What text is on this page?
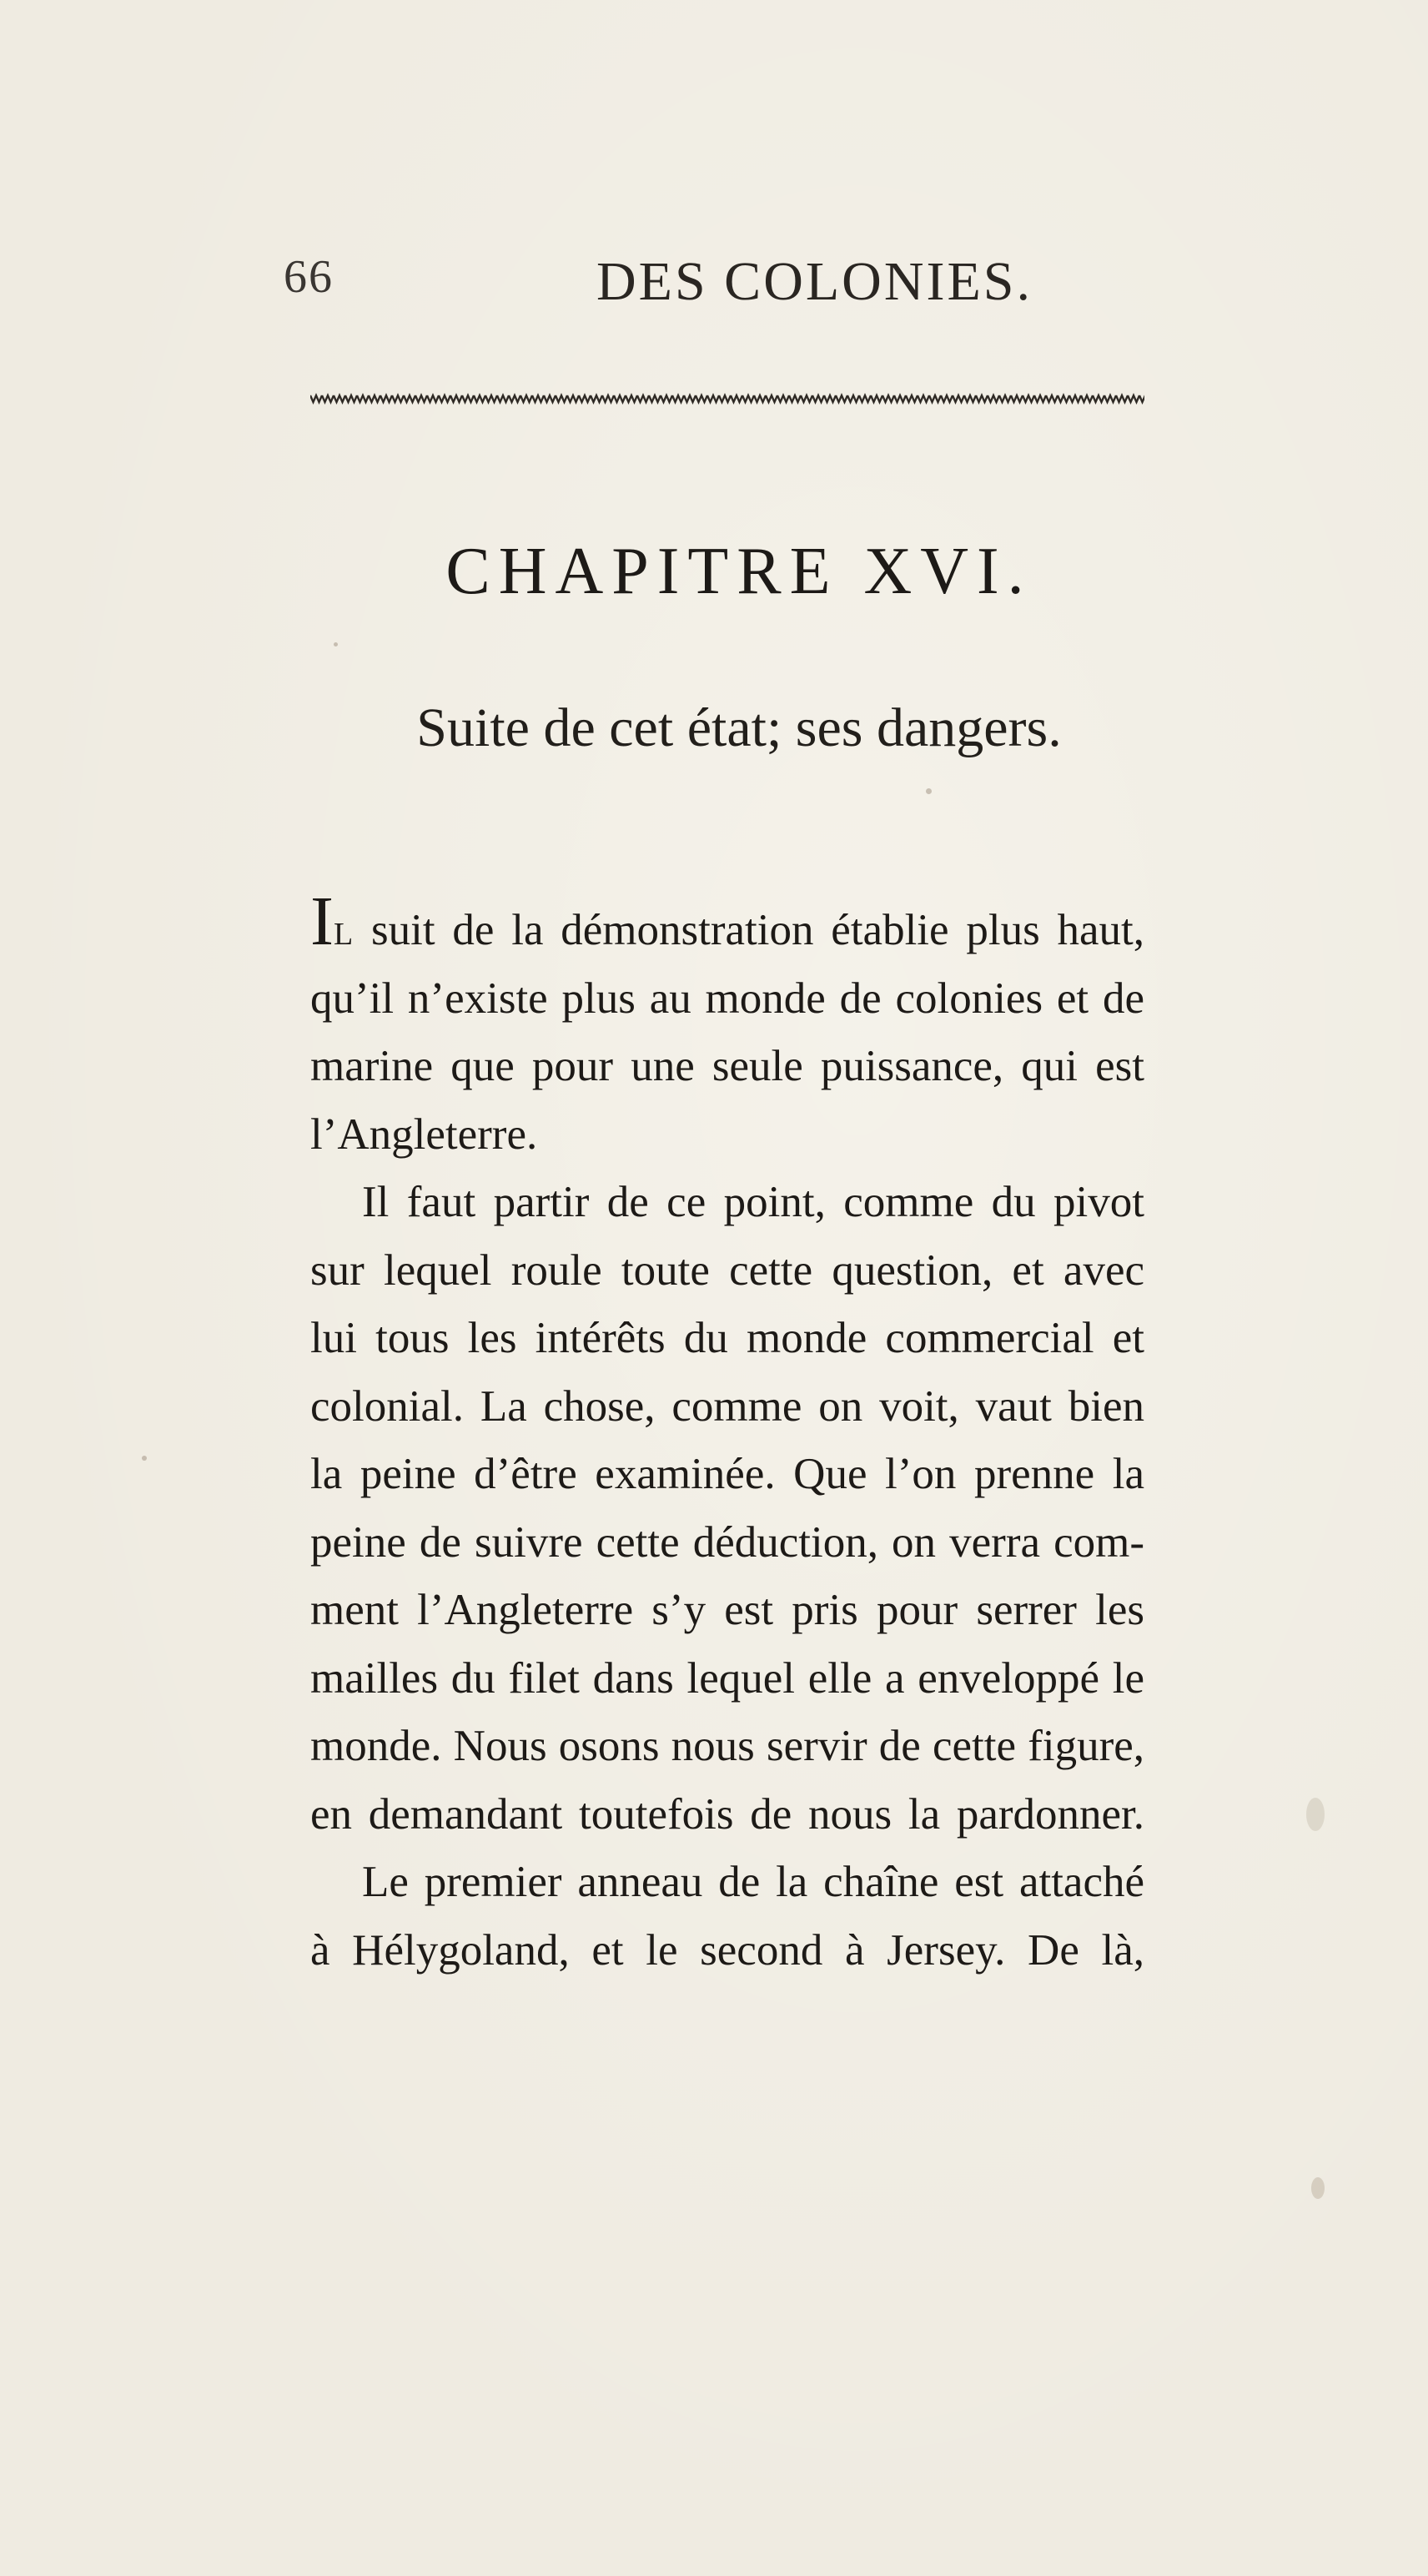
66	DES COLONIES.
CHAPITRE XVI.
Suite de cet état; ses dangers.
IL suit de la démonstration établie plus haut,
qu’il n’existe plus au monde de colonies et de
marine que pour une seule puissance, qui est
l’Angleterre.
Il faut partir de ce point, comme du pivot
sur lequel roule toute cette question, et avec
lui tous les intérêts du monde commercial et
colonial. La chose, comme on voit, vaut bien
la peine d’être examinée. Que l’on prenne la
peine de suivre cette déduction, on verra com-
ment l’Angleterre s’y est pris pour serrer les
mailles du filet dans lequel elle a enveloppé le
monde. Nous osons nous servir de cette figure,
en demandant toutefois de nous la pardonner.
Le premier anneau de la chaîne est attaché
à Hélygoland, et le second à Jersey. De là,
